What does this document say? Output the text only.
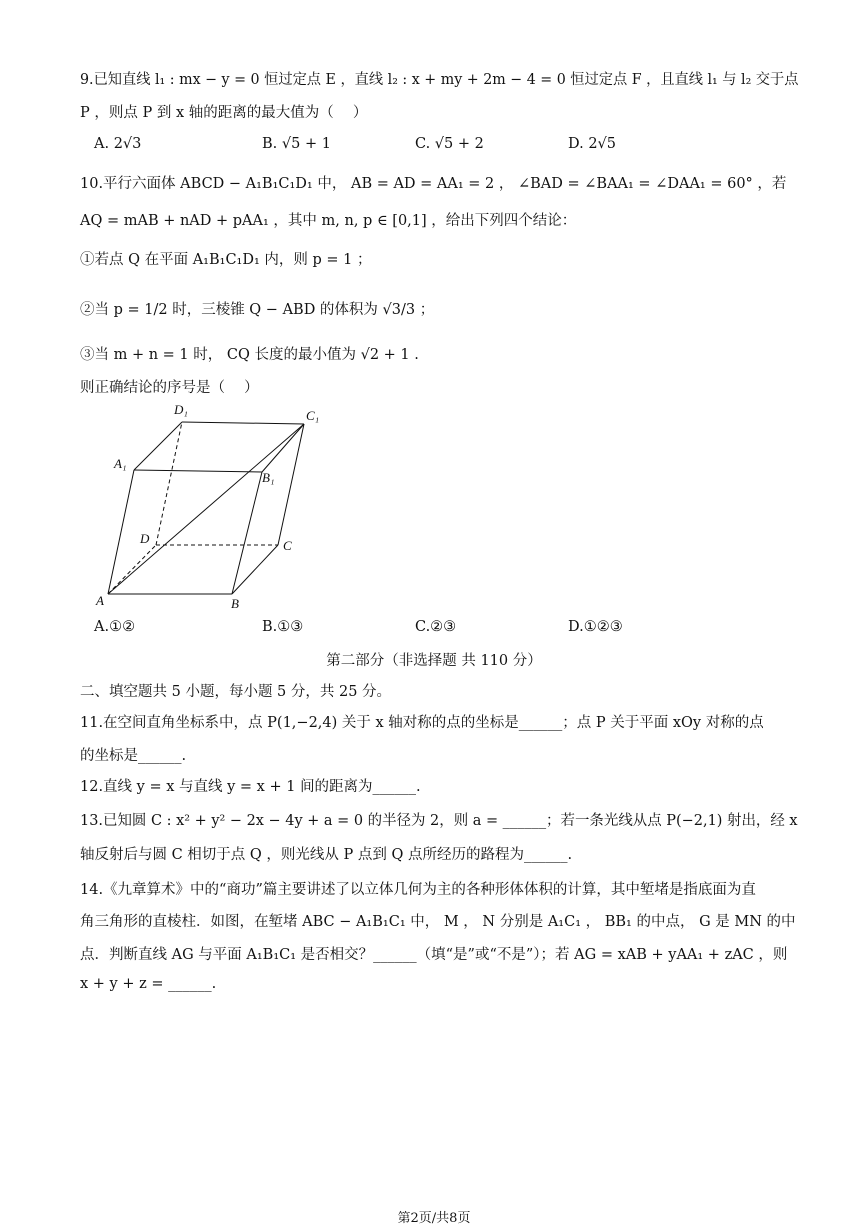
9.已知直线 l₁ : mx − y = 0 恒过定点 E ，直线 l₂ : x + my + 2m − 4 = 0 恒过定点 F ，且直线 l₁ 与 l₂ 交于点
P ，则点 P 到 x 轴的距离的最大值为（　 ）
A. 2√3	B. √5 + 1	C. √5 + 2	D. 2√5
10.平行六面体 ABCD − A₁B₁C₁D₁ 中， AB = AD = AA₁ = 2 ， ∠BAD = ∠BAA₁ = ∠DAA₁ = 60° ，若
AQ = mAB + nAD + pAA₁ ，其中 m, n, p ∈ [0,1] ，给出下列四个结论：
①若点 Q 在平面 A₁B₁C₁D₁ 内，则 p = 1 ；
②当 p = 1/2 时，三棱锥 Q − ABD 的体积为 √3/3 ；
③当 m + n = 1 时， CQ 长度的最小值为 √2 + 1 .
则正确结论的序号是（　 ）
D₁	C₁
A₁
B₁
D	C
A	B
A.①②	B.①③	C.②③	D.①②③
第二部分（非选择题 共 110 分）
二、填空题共 5 小题，每小题 5 分，共 25 分。
11.在空间直角坐标系中，点 P(1,−2,4) 关于 x 轴对称的点的坐标是______；点 P 关于平面 xOy 对称的点
的坐标是______.
12.直线 y = x 与直线 y = x + 1 间的距离为______.
13.已知圆 C : x² + y² − 2x − 4y + a = 0 的半径为 2，则 a = ______；若一条光线从点 P(−2,1) 射出，经 x
轴反射后与圆 C 相切于点 Q ，则光线从 P 点到 Q 点所经历的路程为______.
14.《九章算术》中的“商功”篇主要讲述了以立体几何为主的各种形体体积的计算，其中堑堵是指底面为直
角三角形的直棱柱．如图，在堑堵 ABC − A₁B₁C₁ 中， M ， N 分别是 A₁C₁ ， BB₁ 的中点， G 是 MN 的中
点．判断直线 AG 与平面 A₁B₁C₁ 是否相交？______（填“是”或“不是”）；若 AG = xAB + yAA₁ + zAC ，则
x + y + z = ______.
第2页/共8页
